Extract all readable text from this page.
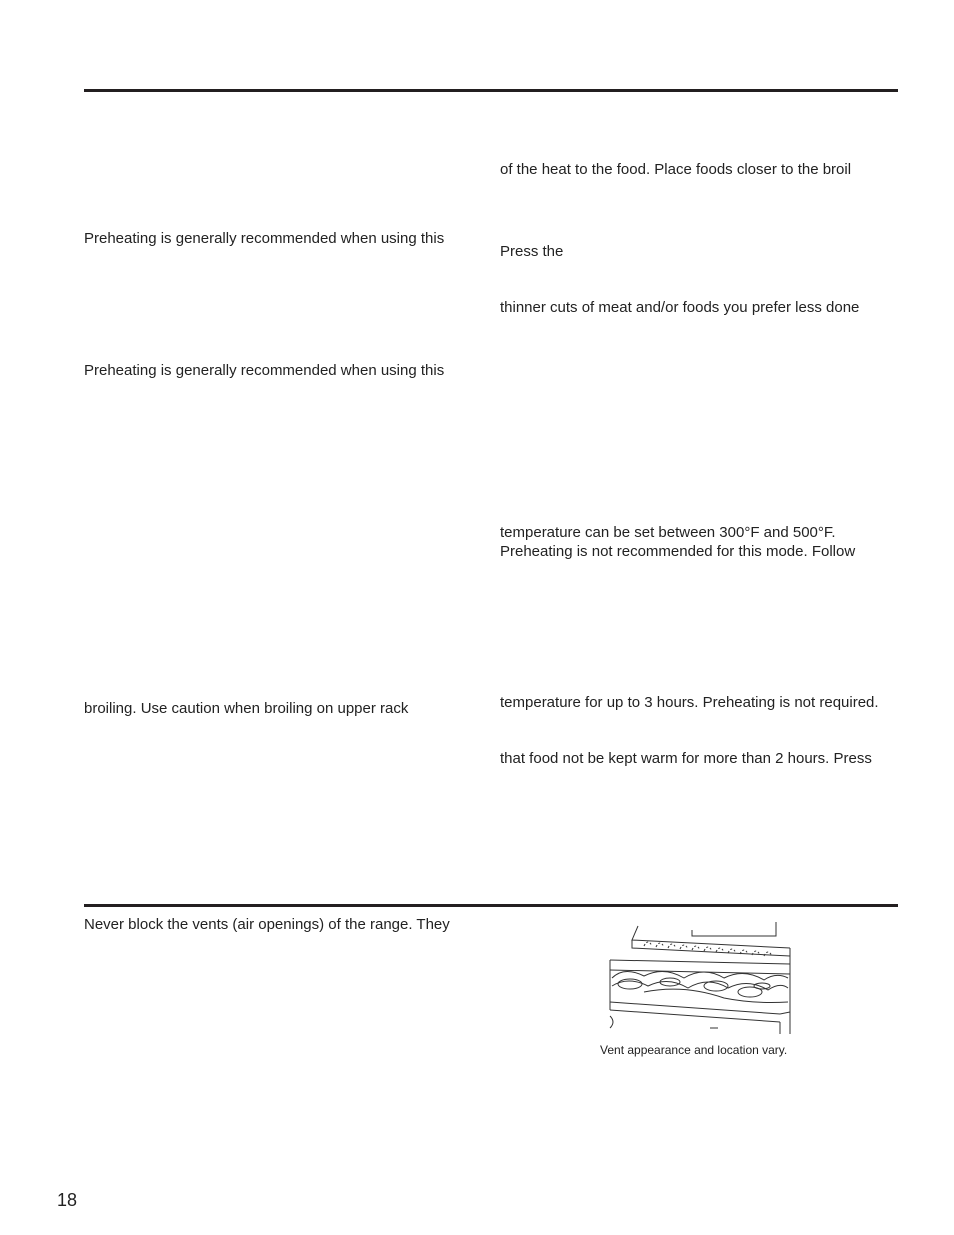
Preheating is generally recommended when using this
Preheating is generally recommended when using this
broiling. Use caution when broiling on upper rack
of the heat to the food. Place foods closer to the broil
Press the
thinner cuts of meat and/or foods you prefer less done
temperature can be set between 300°F and 500°F.
Preheating is not recommended for this mode. Follow
temperature for up to 3 hours. Preheating is not required.
that food not be kept warm for more than 2 hours. Press
Never block the vents (air openings) of the range. They
Vent appearance and location vary.
18
